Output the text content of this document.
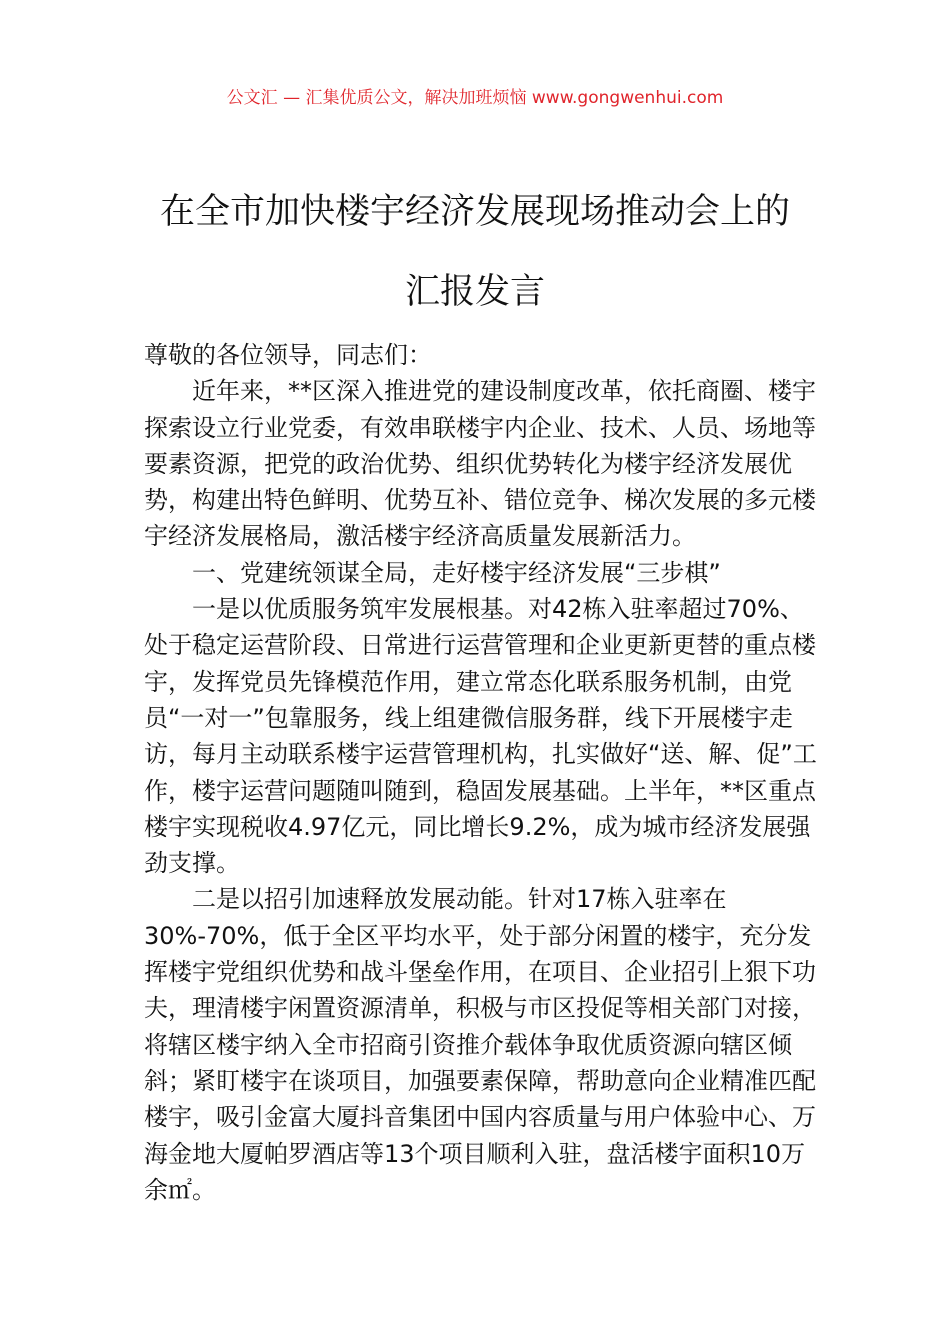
公文汇 — 汇集优质公文，解决加班烦恼 www.gongwenhui.com
在全市加快楼宇经济发展现场推动会上的
汇报发言

尊敬的各位领导，同志们：

近年来，**区深入推进党的建设制度改革，依托商圈、楼宇探索设立行业党委，有效串联楼宇内企业、技术、人员、场地等要素资源，把党的政治优势、组织优势转化为楼宇经济发展优势，构建出特色鲜明、优势互补、错位竞争、梯次发展的多元楼宇经济发展格局，激活楼宇经济高质量发展新活力。

一、党建统领谋全局，走好楼宇经济发展“三步棋”

一是以优质服务筑牢发展根基。对42栋入驻率超过70%、处于稳定运营阶段、日常进行运营管理和企业更新更替的重点楼宇，发挥党员先锋模范作用，建立常态化联系服务机制，由党员“一对一”包靠服务，线上组建微信服务群，线下开展楼宇走访，每月主动联系楼宇运营管理机构，扎实做好“送、解、促”工作，楼宇运营问题随叫随到，稳固发展基础。上半年，**区重点楼宇实现税收4.97亿元，同比增长9.2%，成为城市经济发展强劲支撑。

二是以招引加速释放发展动能。针对17栋入驻率在30%-70%，低于全区平均水平，处于部分闲置的楼宇，充分发挥楼宇党组织优势和战斗堡垒作用，在项目、企业招引上狠下功夫，理清楼宇闲置资源清单，积极与市区投促等相关部门对接，将辖区楼宇纳入全市招商引资推介载体争取优质资源向辖区倾斜；紧盯楼宇在谈项目，加强要素保障，帮助意向企业精准匹配楼宇，吸引金富大厦抖音集团中国内容质量与用户体验中心、万海金地大厦帕罗酒店等13个项目顺利入驻，盘活楼宇面积10万余㎡。
